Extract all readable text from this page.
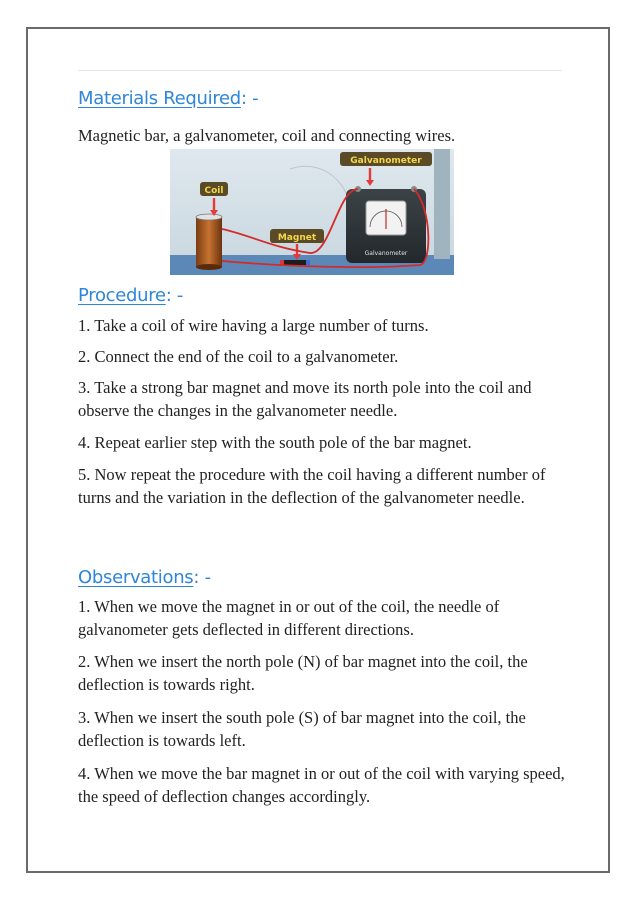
Materials Required: -
Magnetic bar, a galvanometer, coil and connecting wires.
Coil
Magnet
Galvanometer
Galvanometer
Procedure: -
1. Take a coil of wire having a large number of turns.
2. Connect the end of the coil to a galvanometer.
3. Take a strong bar magnet and move its north pole into the coil and observe the changes in the galvanometer needle.
4. Repeat earlier step with the south pole of the bar magnet.
5. Now repeat the procedure with the coil having a different number of turns and the variation in the deflection of the galvanometer needle.
Observations: -
1. When we move the magnet in or out of the coil, the needle of galvanometer gets deflected in different directions.
2. When we insert the north pole (N) of bar magnet into the coil, the deflection is towards right.
3. When we insert the south pole (S) of bar magnet into the coil, the deflection is towards left.
4. When we move the bar magnet in or out of the coil with varying speed, the speed of deflection changes accordingly.
